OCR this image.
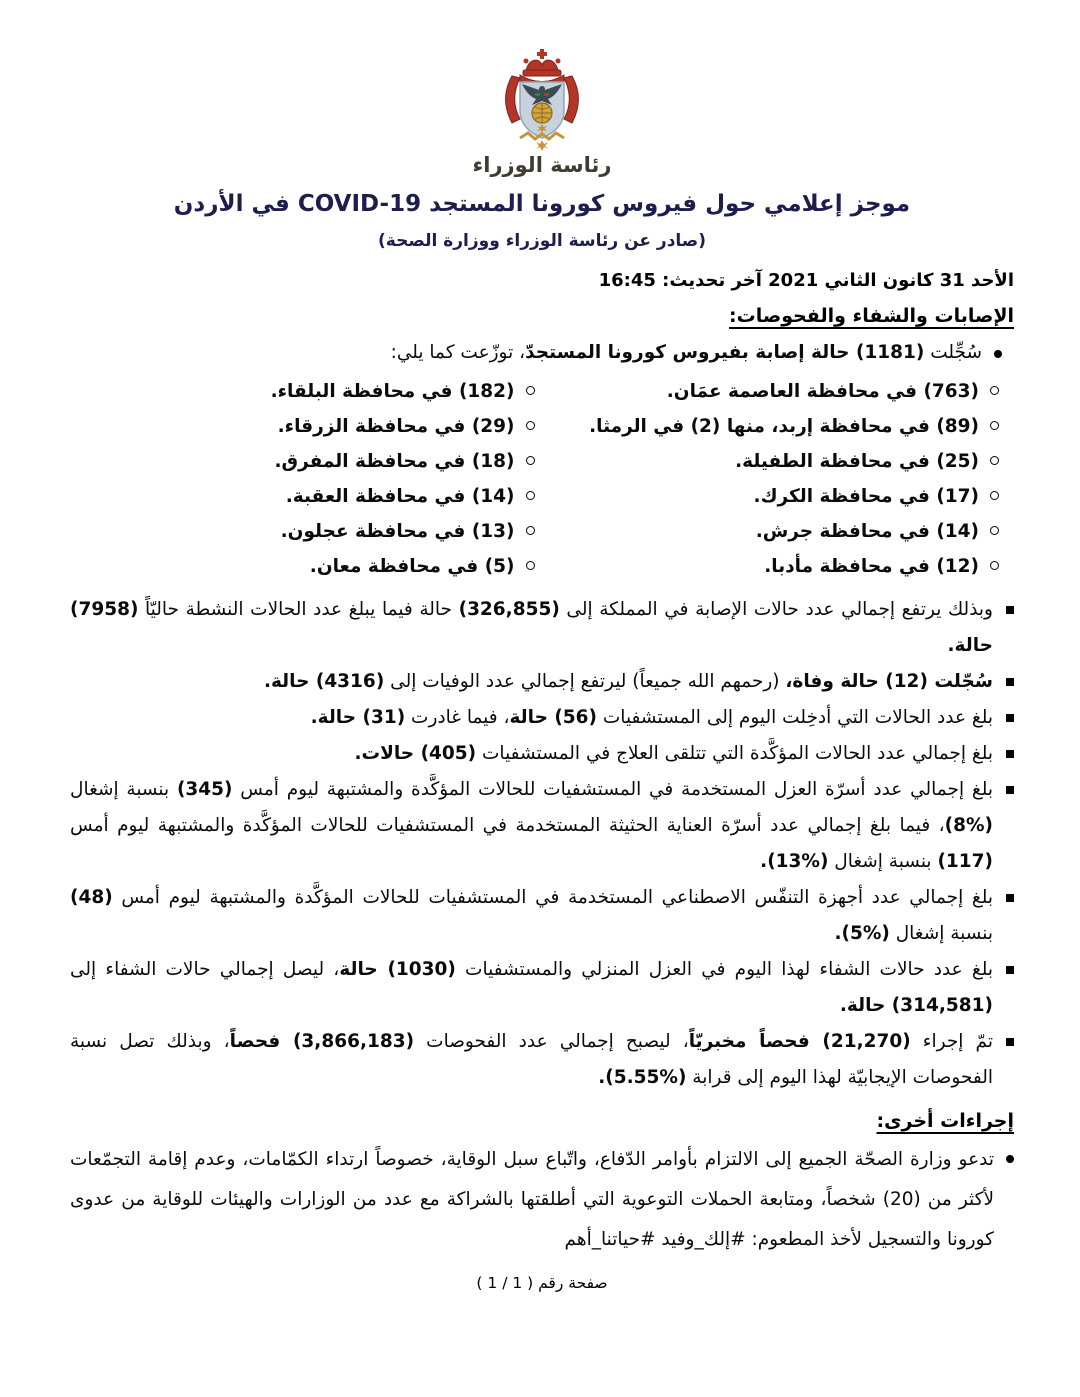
رئاسة الوزراء
موجز إعلامي حول فيروس كورونا المستجد COVID-19 في الأردن
(صادر عن رئاسة الوزراء ووزارة الصحة)
الأحد 31 كانون الثاني 2021 آخر تحديث: 16:45
الإصابات والشفاء والفحوصات:
سُجِّلت (1181) حالة إصابة بفيروس كورونا المستجدّ، توزّعت كما يلي:
(763) في محافظة العاصمة عمَان.
(182) في محافظة البلقاء.
(89) في محافظة إربد، منها (2) في الرمثا.
(29) في محافظة الزرقاء.
(25) في محافظة الطفيلة.
(18) في محافظة المفرق.
(17) في محافظة الكرك.
(14) في محافظة العقبة.
(14) في محافظة جرش.
(13) في محافظة عجلون.
(12) في محافظة مأدبا.
(5) في محافظة معان.
وبذلك يرتفع إجمالي عدد حالات الإصابة في المملكة إلى (326,855) حالة فيما يبلغ عدد الحالات النشطة حاليّاً (7958) حالة.
سُجّلت (12) حالة وفاة، (رحمهم الله جميعاً) ليرتفع إجمالي عدد الوفيات إلى (4316) حالة.
بلغ عدد الحالات التي أدخِلت اليوم إلى المستشفيات (56) حالة، فيما غادرت (31) حالة.
بلغ إجمالي عدد الحالات المؤكَّدة التي تتلقى العلاج في المستشفيات (405) حالات.
بلغ إجمالي عدد أسرّة العزل المستخدمة في المستشفيات للحالات المؤكَّدة والمشتبهة ليوم أمس (345) بنسبة إشغال (%8)، فيما بلغ إجمالي عدد أسرّة العناية الحثيثة المستخدمة في المستشفيات للحالات المؤكَّدة والمشتبهة ليوم أمس (117) بنسبة إشغال (%13).
بلغ إجمالي عدد أجهزة التنفّس الاصطناعي المستخدمة في المستشفيات للحالات المؤكَّدة والمشتبهة ليوم أمس (48) بنسبة إشغال (%5).
بلغ عدد حالات الشفاء لهذا اليوم في العزل المنزلي والمستشفيات (1030) حالة، ليصل إجمالي حالات الشفاء إلى (314,581) حالة.
تمّ إجراء (21,270) فحصاً مخبريّاً، ليصبح إجمالي عدد الفحوصات (3,866,183) فحصاً، وبذلك تصل نسبة الفحوصات الإيجابيّة لهذا اليوم إلى قرابة (%5.55).
إجراءات أخرى:
تدعو وزارة الصحّة الجميع إلى الالتزام بأوامر الدّفاع، واتّباع سبل الوقاية، خصوصاً ارتداء الكمّامات، وعدم إقامة التجمّعات لأكثر من (20) شخصاً، ومتابعة الحملات التوعوية التي أطلقتها بالشراكة مع عدد من الوزارات والهيئات للوقاية من عدوى كورونا والتسجيل لأخذ المطعوم: #إلك_وفيد #حياتنا_أهم
صفحة رقم ( 1 / 1 )
